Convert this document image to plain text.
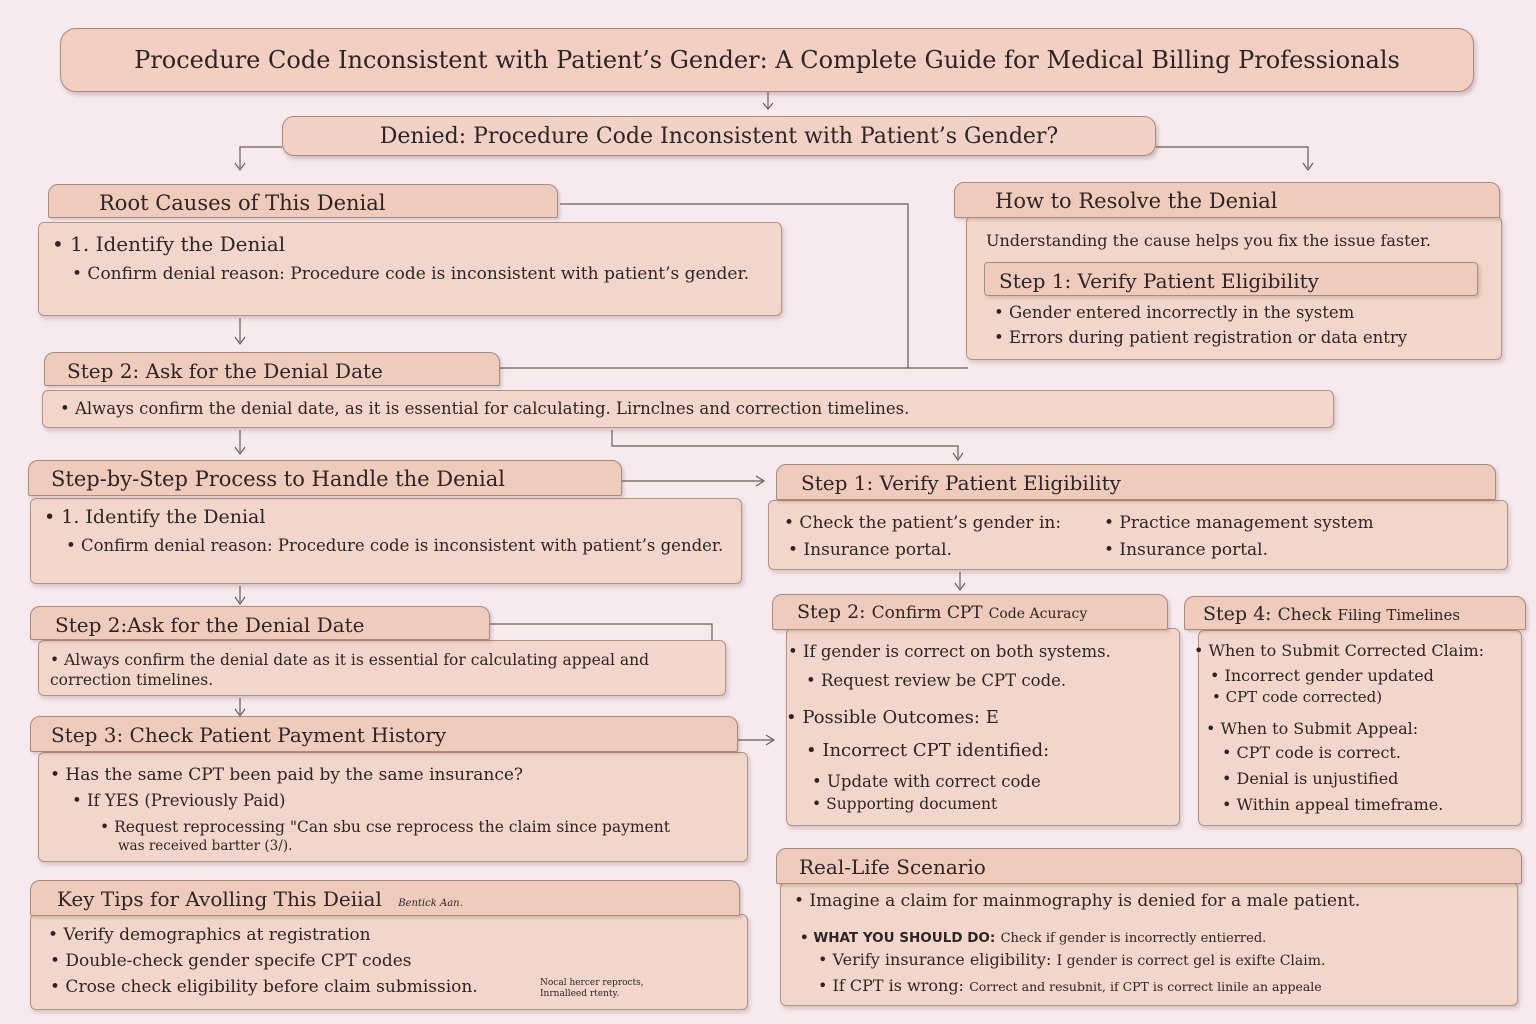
Procedure Code Inconsistent with Patient’s Gender: A Complete Guide for Medical Billing Professionals
Denied: Procedure Code Inconsistent with Patient’s Gender?
Root Causes of This Denial
• 1. Identify the Denial
• Confirm denial reason: Procedure code is inconsistent with patient’s gender.
How to Resolve the Denial
Understanding the cause helps you fix the issue faster.
Step 1: Verify Patient Eligibility
• Gender entered incorrectly in the system
• Errors during patient registration or data entry
Step 2: Ask for the Denial Date
• Always confirm the denial date, as it is essential for calculating. Lirnclnes and correction timelines.
Step-by-Step Process to Handle the Denial
• 1. Identify the Denial
• Confirm denial reason: Procedure code is inconsistent with patient’s gender.
Step 1: Verify Patient Eligibility
• Check the patient’s gender in:
• Insurance portal.
• Practice management system
• Insurance portal.
Step 2:Ask for the Denial Date
• Always confirm the denial date as it is essential for calculating appeal and correction timelines.
Step 2: Confirm CPT Code Acuracy
• If gender is correct on both systems.
• Request review be CPT code.
• Possible Outcomes: E
• Incorrect CPT identified:
• Update with correct code
• Supporting document
Step 4: Check Filing Timelines
• When to Submit Corrected Claim:
• Incorrect gender updated
• CPT code corrected)
• When to Submit Appeal:
• CPT code is correct.
• Denial is unjustified
• Within appeal timeframe.
Step 3: Check Patient Payment History
• Has the same CPT been paid by the same insurance?
• If YES (Previously Paid)
• Request reprocessing "Can sbu cse reprocess the claim since payment
was received bartter (3/).
Key Tips for Avolling This Deiial Bentick Aan.
• Verify demographics at registration
• Double-check gender specife CPT codes
• Crose check eligibility before claim submission.	Nocal hercer reprocts,
Inrnalleed rtenty.
Real-Life Scenario
• Imagine a claim for mainmography is denied for a male patient.
• WHAT YOU SHOULD DO: Check if gender is incorrectly entierred.
• Verify insurance eligibility: I gender is correct gel is exifte Claim.
• If CPT is wrong: Correct and resubnit, if CPT is correct linile an appeale
